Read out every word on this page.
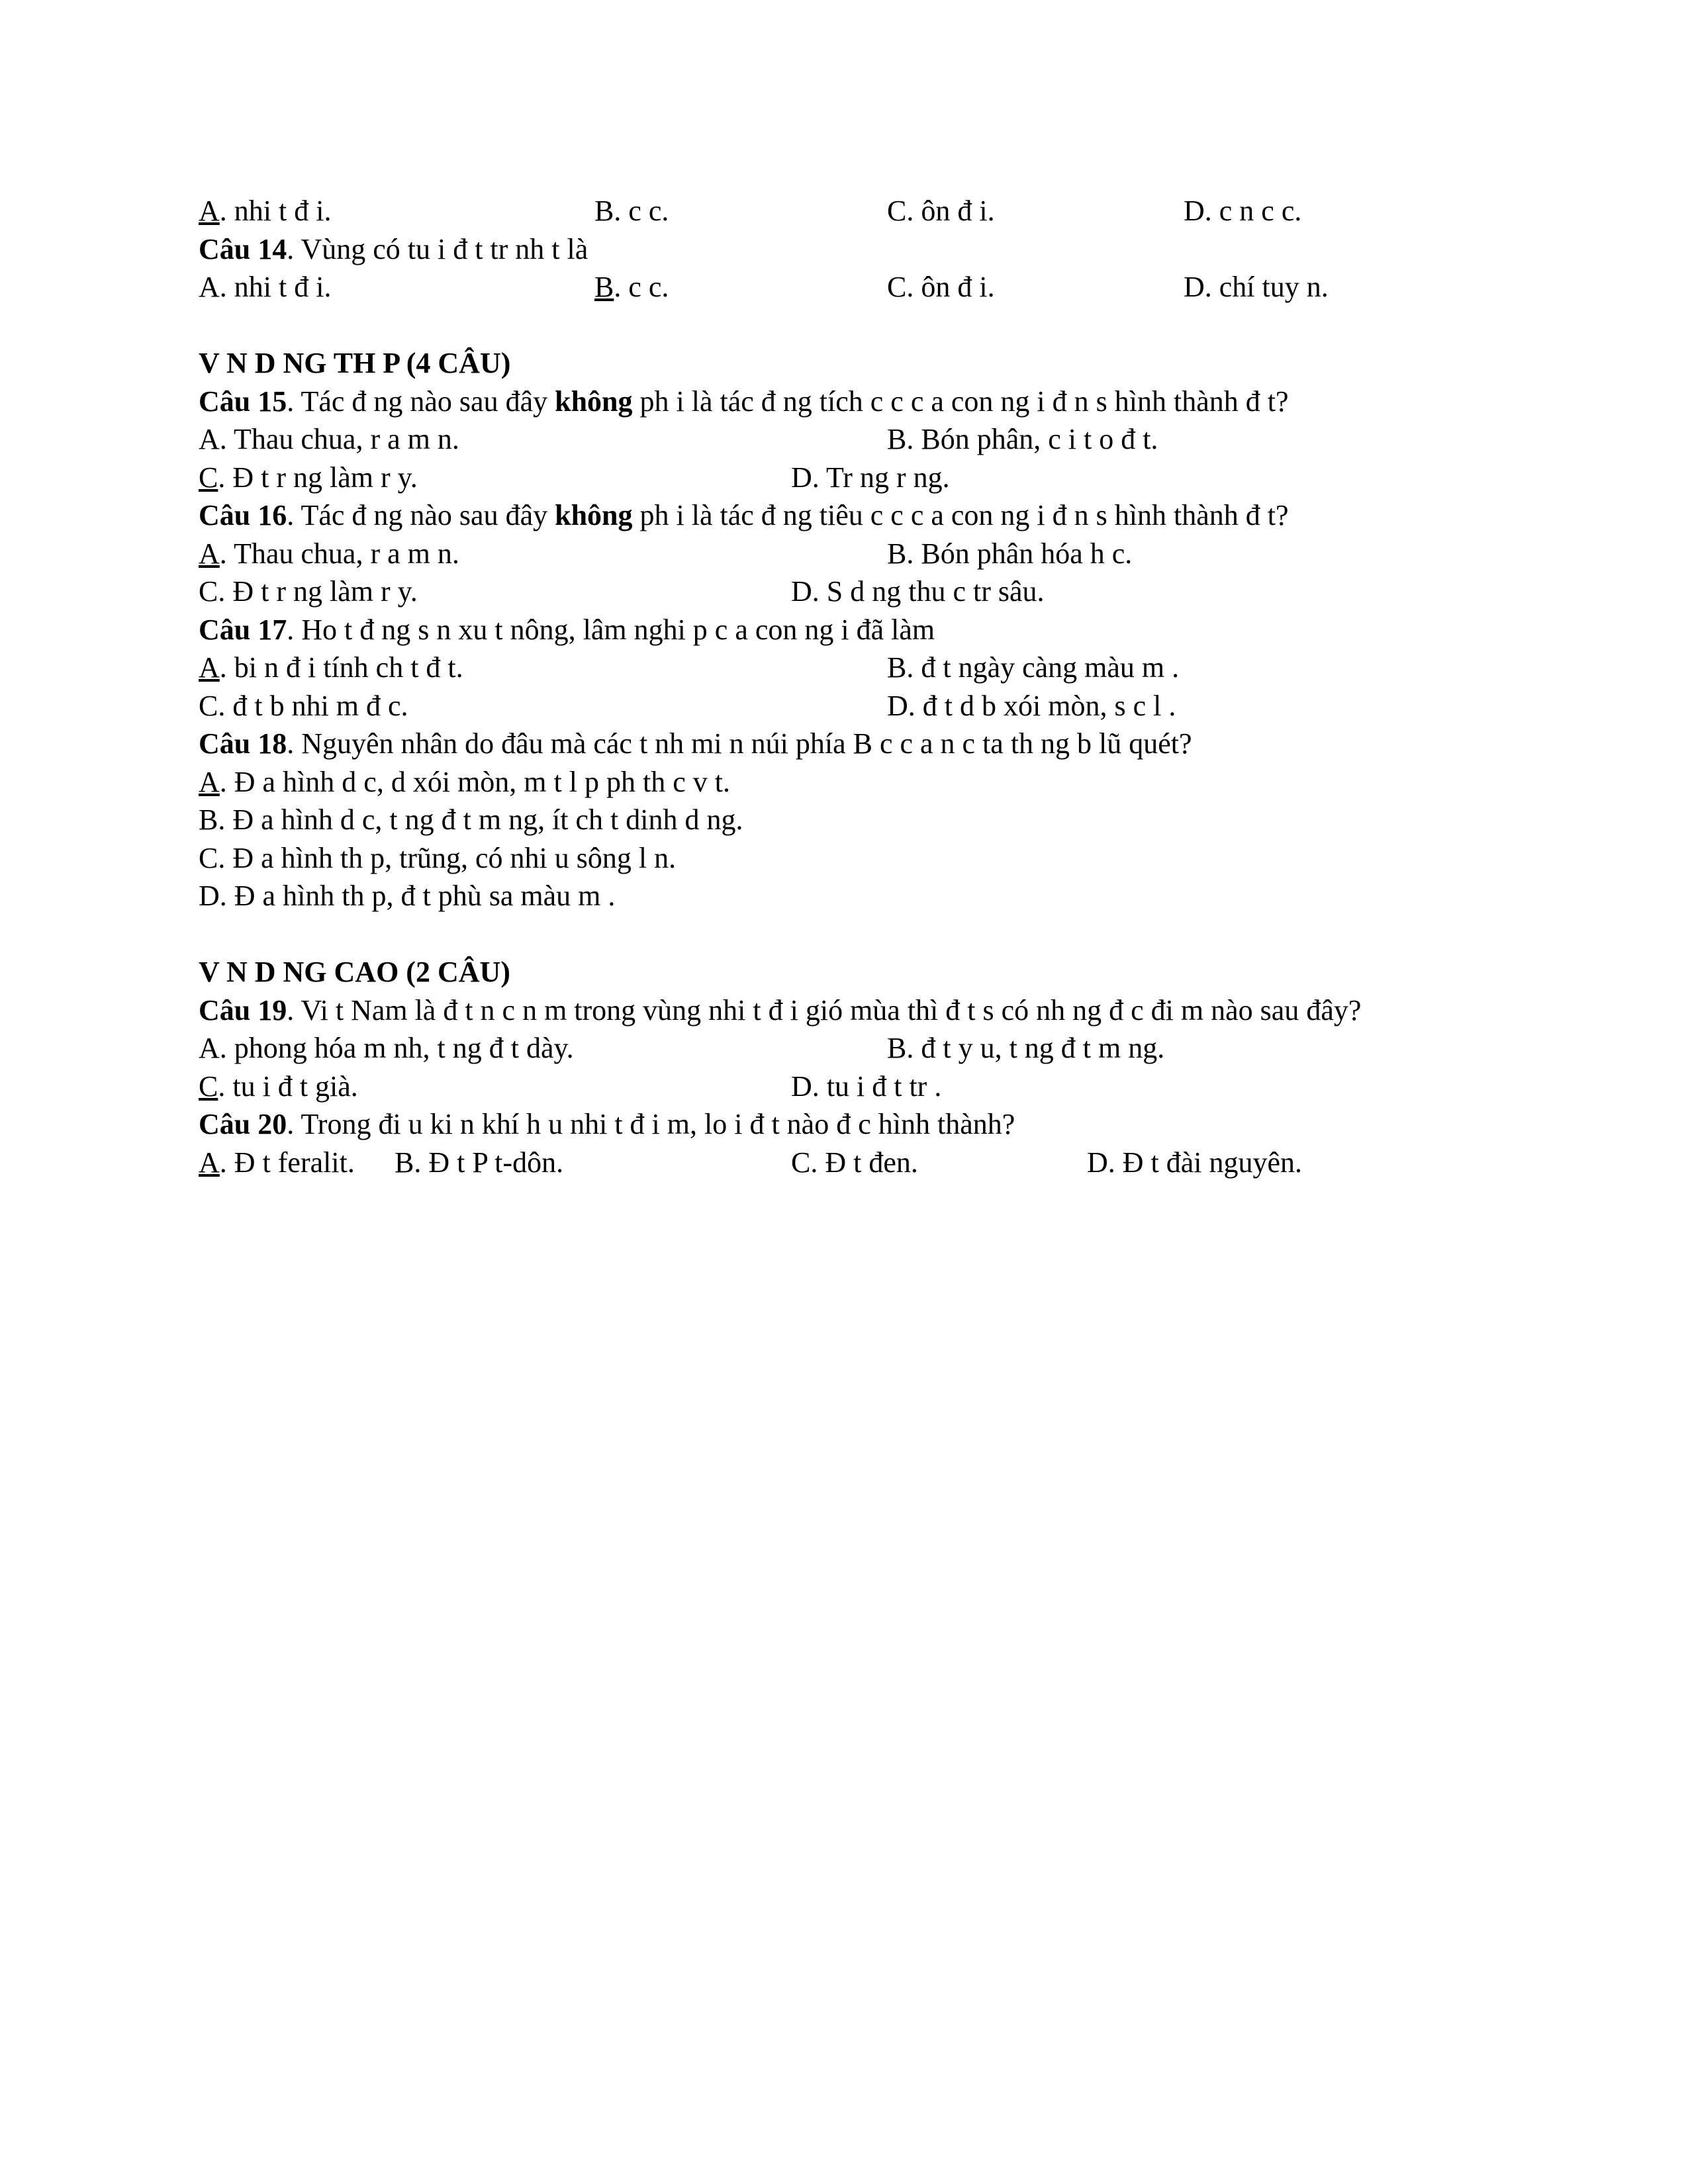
A. nhi t đ i.	B. c c.	C. ôn đ i.	D. c n c c.
Câu 14. Vùng có tu i đ t tr nh t là
A. nhi t đ i.	B. c c.	C. ôn đ i.	D. chí tuy n.
V N D NG TH P (4 CÂU)
Câu 15. Tác đ ng nào sau đây không ph i là tác đ ng tích c c c a con ng i đ n s hình thành đ t?
A. Thau chua, r a m n.	B. Bón phân, c i t o đ t.
C. Đ t r ng làm r y.	D. Tr ng r ng.
Câu 16. Tác đ ng nào sau đây không ph i là tác đ ng tiêu c c c a con ng i đ n s hình thành đ t?
A. Thau chua, r a m n.	B. Bón phân hóa h c.
C. Đ t r ng làm r y.	D. S d ng thu c tr sâu.
Câu 17. Ho t đ ng s n xu t nông, lâm nghi p c a con ng i đã làm
A. bi n đ i tính ch t đ t.	B. đ t ngày càng màu m .
C. đ t b nhi m đ c.	D. đ t d b xói mòn, s c l .
Câu 18. Nguyên nhân do đâu mà các t nh mi n núi phía B c c a n c ta th ng b lũ quét?
A. Đ a hình d c, d xói mòn, m t l p ph th c v t.
B. Đ a hình d c, t ng đ t m ng, ít ch t dinh d ng.
C. Đ a hình th p, trũng, có nhi u sông l n.
D. Đ a hình th p, đ t phù sa màu m .
V N D NG CAO (2 CÂU)
Câu 19. Vi t Nam là đ t n c n m trong vùng nhi t đ i gió mùa thì đ t s có nh ng đ c đi m nào sau đây?
A. phong hóa m nh, t ng đ t dày.	B. đ t y u, t ng đ t m ng.
C. tu i đ t già.	D. tu i đ t tr .
Câu 20. Trong đi u ki n khí h u nhi t đ i m, lo i đ t nào đ c hình thành?
A. Đ t feralit. B. Đ t P t-dôn.	C. Đ t đen.	D. Đ t đài nguyên.
